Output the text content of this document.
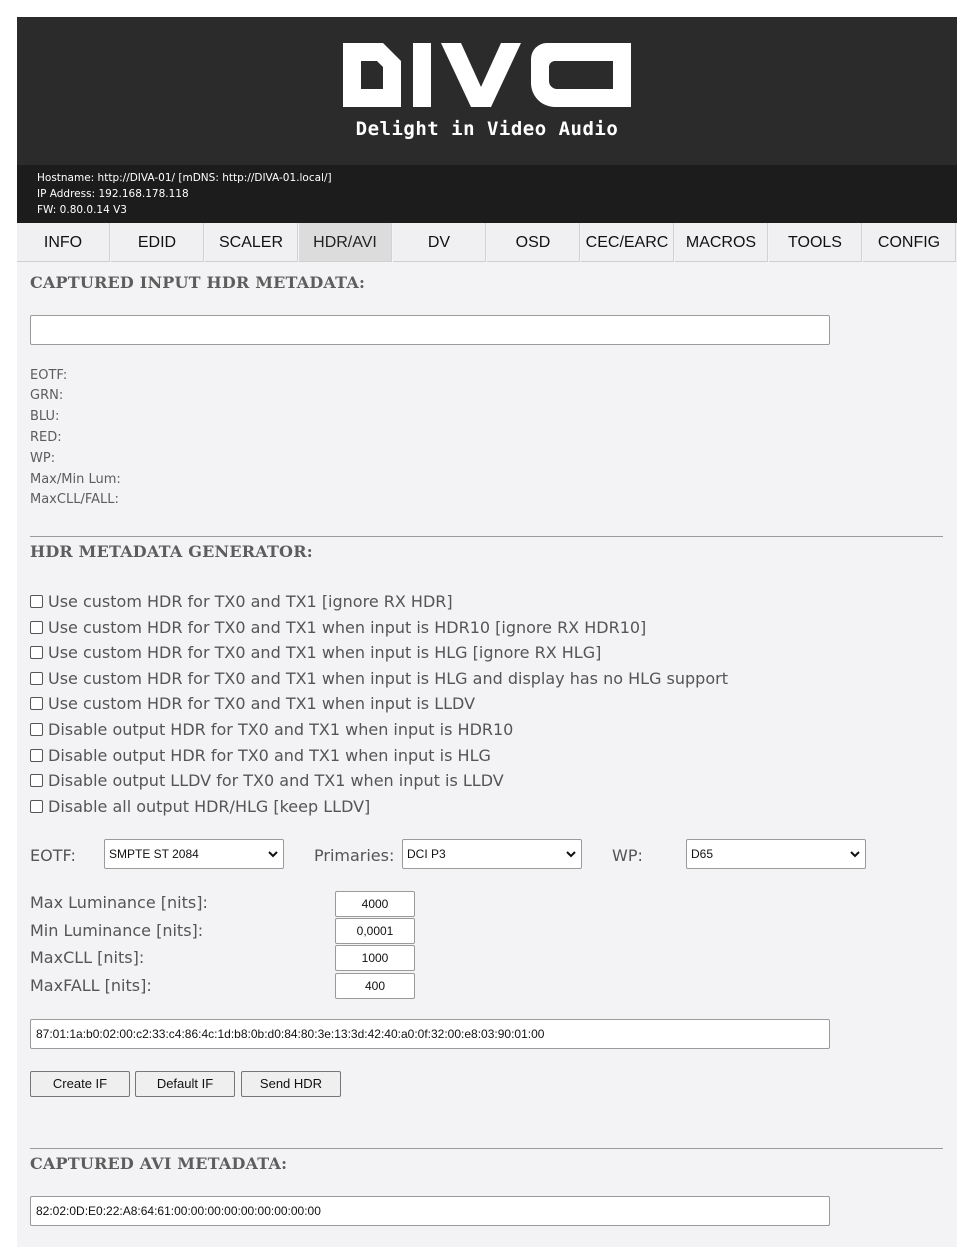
Delight in Video Audio
Hostname: http://DIVA-01/ [mDNS: http://DIVA-01.local/]
IP Address: 192.168.178.118
FW: 0.80.0.14 V3
INFO	EDID	SCALER	HDR/AVI	DV	OSD	CEC/EARC	MACROS	TOOLS	CONFIG
CAPTURED INPUT HDR METADATA:
EOTF:
GRN:
BLU:
RED:
WP:
Max/Min Lum:
MaxCLL/FALL:
HDR METADATA GENERATOR:
Use custom HDR for TX0 and TX1 [ignore RX HDR]
Use custom HDR for TX0 and TX1 when input is HDR10 [ignore RX HDR10]
Use custom HDR for TX0 and TX1 when input is HLG [ignore RX HLG]
Use custom HDR for TX0 and TX1 when input is HLG and display has no HLG support
Use custom HDR for TX0 and TX1 when input is LLDV
Disable output HDR for TX0 and TX1 when input is HDR10
Disable output HDR for TX0 and TX1 when input is HLG
Disable output LLDV for TX0 and TX1 when input is LLDV
Disable all output HDR/HLG [keep LLDV]
EOTF:	SMPTE ST 2084	Primaries:	DCI P3	WP:	D65
Max Luminance [nits]:	4000
Min Luminance [nits]:	0,0001
MaxCLL [nits]:	1000
MaxFALL [nits]:	400
87:01:1a:b0:02:00:c2:33:c4:86:4c:1d:b8:0b:d0:84:80:3e:13:3d:42:40:a0:0f:32:00:e8:03:90:01:00
Create IF	Default IF	Send HDR
CAPTURED AVI METADATA:
82:02:0D:E0:22:A8:64:61:00:00:00:00:00:00:00:00:00
